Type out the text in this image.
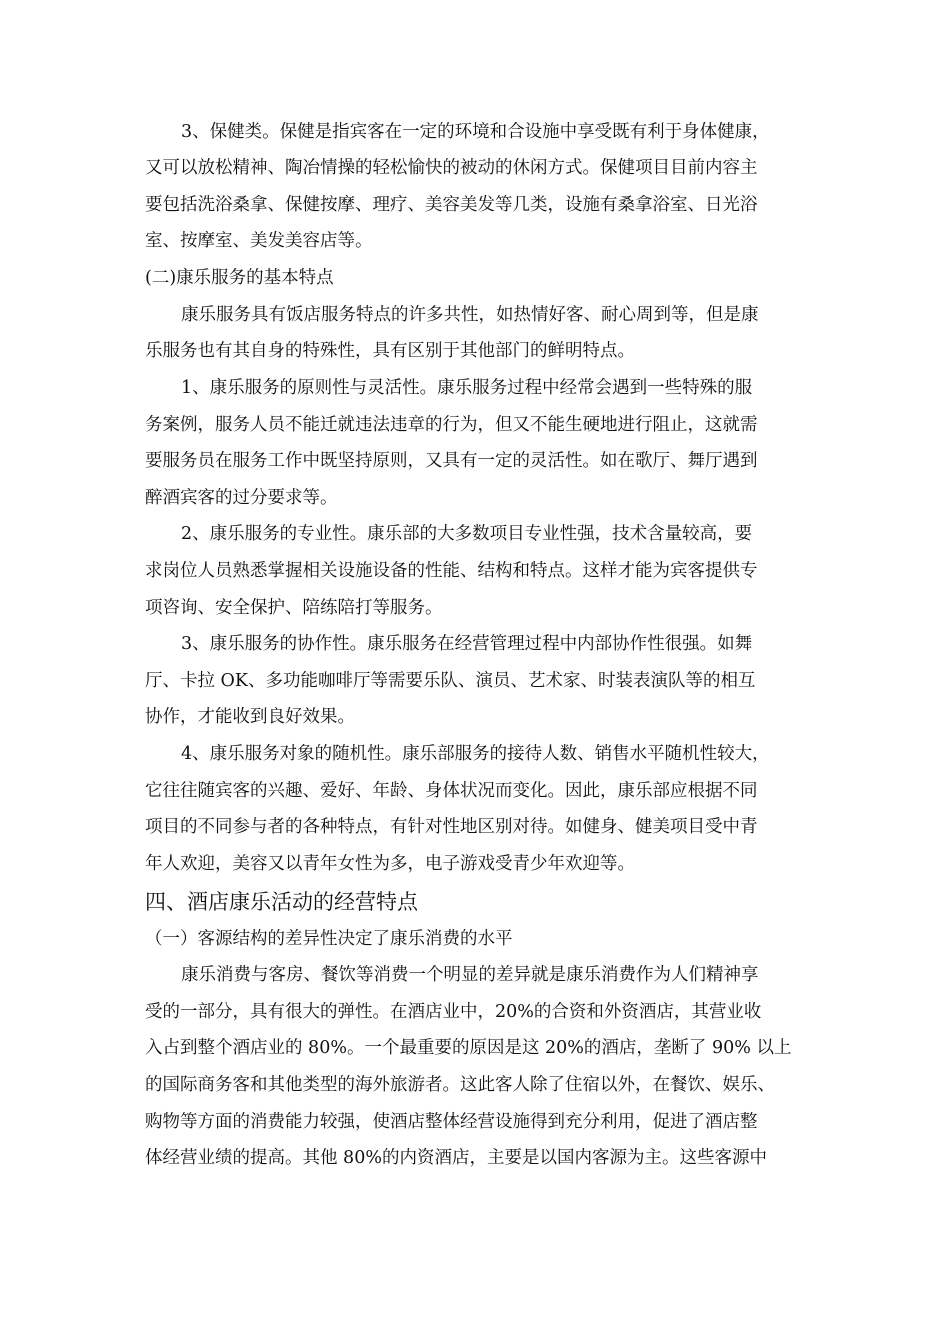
3、保健类。保健是指宾客在一定的环境和合设施中享受既有利于身体健康，
又可以放松精神、陶冶情操的轻松愉快的被动的休闲方式。保健项目目前内容主
要包括洗浴桑拿、保健按摩、理疗、美容美发等几类，设施有桑拿浴室、日光浴
室、按摩室、美发美容店等。
(二)康乐服务的基本特点
康乐服务具有饭店服务特点的许多共性，如热情好客、耐心周到等，但是康
乐服务也有其自身的特殊性，具有区别于其他部门的鲜明特点。
1、康乐服务的原则性与灵活性。康乐服务过程中经常会遇到一些特殊的服
务案例，服务人员不能迁就违法违章的行为，但又不能生硬地进行阻止，这就需
要服务员在服务工作中既坚持原则，又具有一定的灵活性。如在歌厅、舞厅遇到
醉酒宾客的过分要求等。
2、康乐服务的专业性。康乐部的大多数项目专业性强，技术含量较高，要
求岗位人员熟悉掌握相关设施设备的性能、结构和特点。这样才能为宾客提供专
项咨询、安全保护、陪练陪打等服务。
3、康乐服务的协作性。康乐服务在经营管理过程中内部协作性很强。如舞
厅、卡拉 OK、多功能咖啡厅等需要乐队、演员、艺术家、时装表演队等的相互
协作，才能收到良好效果。
4、康乐服务对象的随机性。康乐部服务的接待人数、销售水平随机性较大，
它往往随宾客的兴趣、爱好、年龄、身体状况而变化。因此，康乐部应根据不同
项目的不同参与者的各种特点，有针对性地区别对待。如健身、健美项目受中青
年人欢迎，美容又以青年女性为多，电子游戏受青少年欢迎等。
四、酒店康乐活动的经营特点
（一）客源结构的差异性决定了康乐消费的水平
康乐消费与客房、餐饮等消费一个明显的差异就是康乐消费作为人们精神享
受的一部分，具有很大的弹性。在酒店业中，20%的合资和外资酒店，其营业收
入占到整个酒店业的 80%。一个最重要的原因是这 20%的酒店，垄断了 90% 以上
的国际商务客和其他类型的海外旅游者。这此客人除了住宿以外，在餐饮、娱乐、
购物等方面的消费能力较强，使酒店整体经营设施得到充分利用，促进了酒店整
体经营业绩的提高。其他 80%的内资酒店，主要是以国内客源为主。这些客源中
